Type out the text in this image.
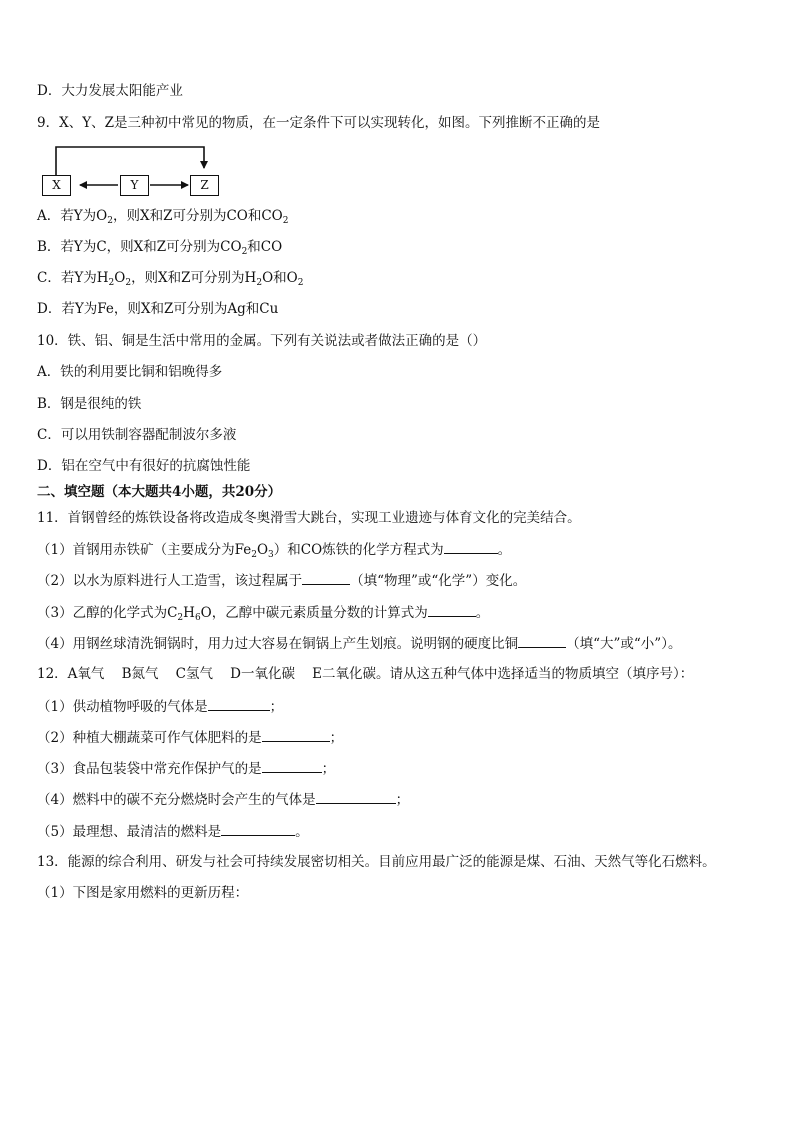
D．大力发展太阳能产业
9．X、Y、Z是三种初中常见的物质，在一定条件下可以实现转化，如图。下列推断不正确的是
X	Y	Z
A．若Y为$O_2$，则X和Z可分别为CO和$CO_2$
B．若Y为C，则X和Z可分别为$CO_2$和CO
C．若Y为$H_2O_2$，则X和Z可分别为$H_2O$和$O_2$
D．若Y为Fe，则X和Z可分别为Ag和Cu
10．铁、铝、铜是生活中常用的金属。下列有关说法或者做法正确的是（）
A．铁的利用要比铜和铝晚得多
B．钢是很纯的铁
C．可以用铁制容器配制波尔多液
D．铝在空气中有很好的抗腐蚀性能
二、填空题（本大题共4小题，共20分）
11．首钢曾经的炼铁设备将改造成冬奥滑雪大跳台，实现工业遗迹与体育文化的完美结合。
（1）首钢用赤铁矿（主要成分为$Fe_2O_3$）和CO炼铁的化学方程式为	。
（2）以水为原料进行人工造雪，该过程属于	（填“物理”或“化学”）变化。
（3）乙醇的化学式为$C_2H_6O$，乙醇中碳元素质量分数的计算式为	。
（4）用钢丝球清洗铜锅时，用力过大容易在铜锅上产生划痕。说明钢的硬度比铜	（填“大”或“小”）。
12．A氧气    B氮气    C氢气    D一氧化碳    E二氧化碳。请从这五种气体中选择适当的物质填空（填序号）：
（1）供动植物呼吸的气体是	；
（2）种植大棚蔬菜可作气体肥料的是	；
（3）食品包装袋中常充作保护气的是	；
（4）燃料中的碳不充分燃烧时会产生的气体是	；
（5）最理想、最清洁的燃料是	。
13．能源的综合利用、研发与社会可持续发展密切相关。目前应用最广泛的能源是煤、石油、天然气等化石燃料。
（1）下图是家用燃料的更新历程：
